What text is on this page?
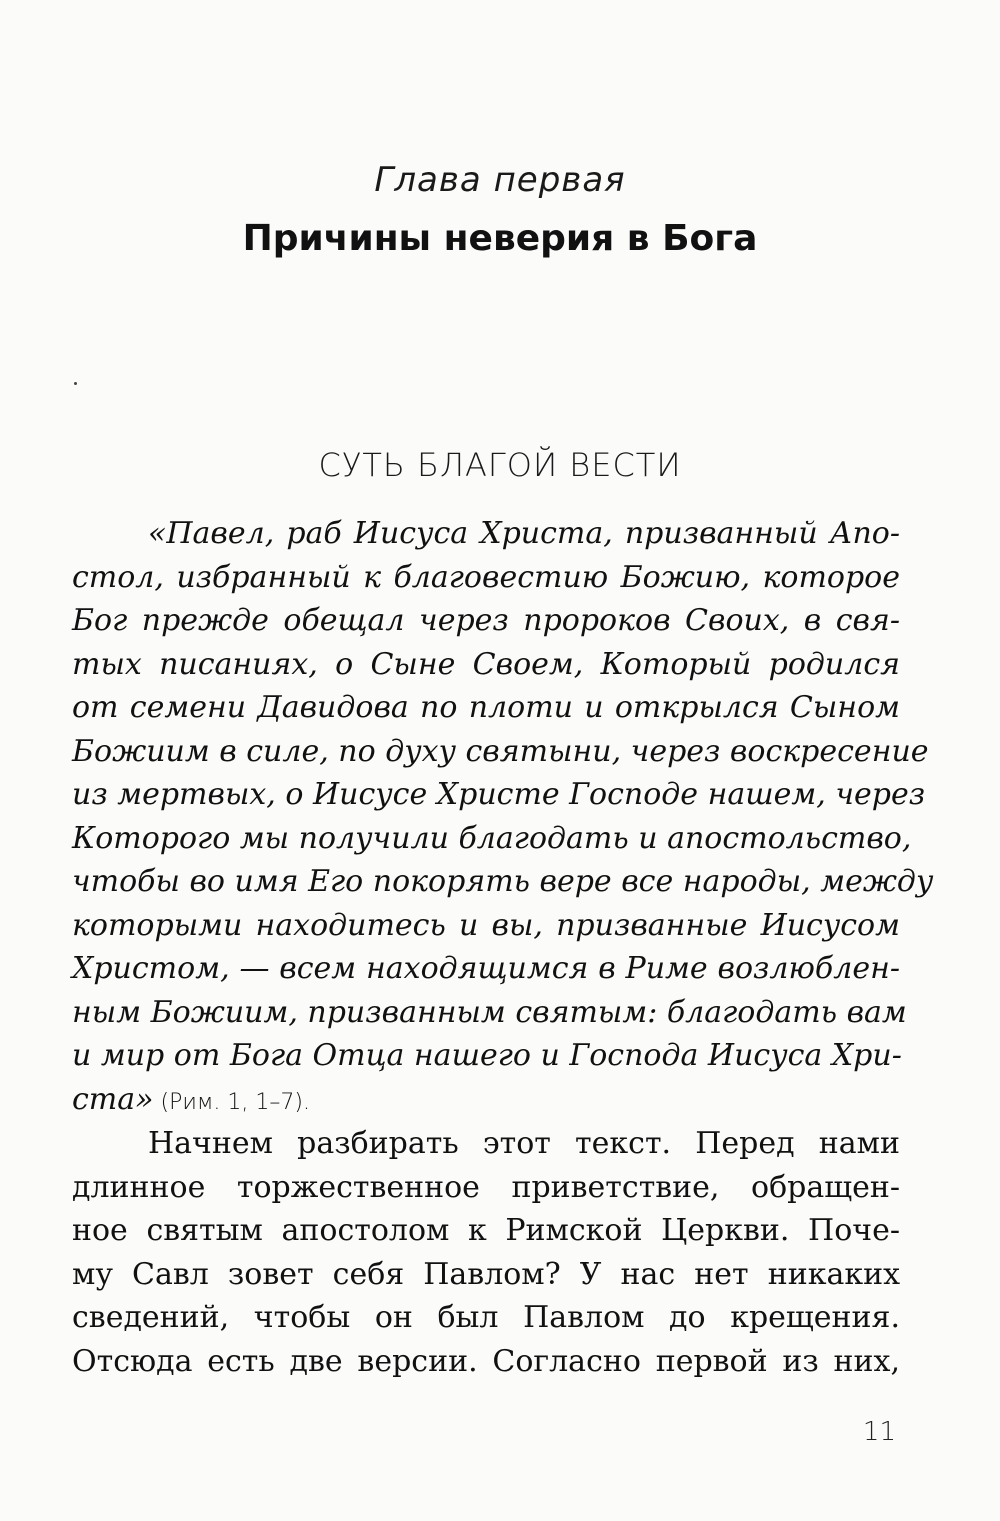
Глава первая
Причины неверия в Бога
СУТЬ БЛАГОЙ ВЕСТИ
«Павел, раб Иисуса Христа, призванный Апо-
стол, избранный к благовестию Божию, которое
Бог прежде обещал через пророков Своих, в свя-
тых писаниях, о Сыне Своем, Который родился
от семени Давидова по плоти и открылся Сыном
Божиим в силе, по духу святыни, через воскресение
из мертвых, о Иисусе Христе Господе нашем, через
Которого мы получили благодать и апостольство,
чтобы во имя Его покорять вере все народы, между
которыми находитесь и вы, призванные Иисусом
Христом, — всем находящимся в Риме возлюблен-
ным Божиим, призванным святым: благодать вам
и мир от Бога Отца нашего и Господа Иисуса Хри-
ста» (Рим. 1, 1–7).
Начнем разбирать этот текст. Перед нами
длинное торжественное приветствие, обращен-
ное святым апостолом к Римской Церкви. Поче-
му Савл зовет себя Павлом? У нас нет никаких
сведений, чтобы он был Павлом до крещения.
Отсюда есть две версии. Согласно первой из них,
11
